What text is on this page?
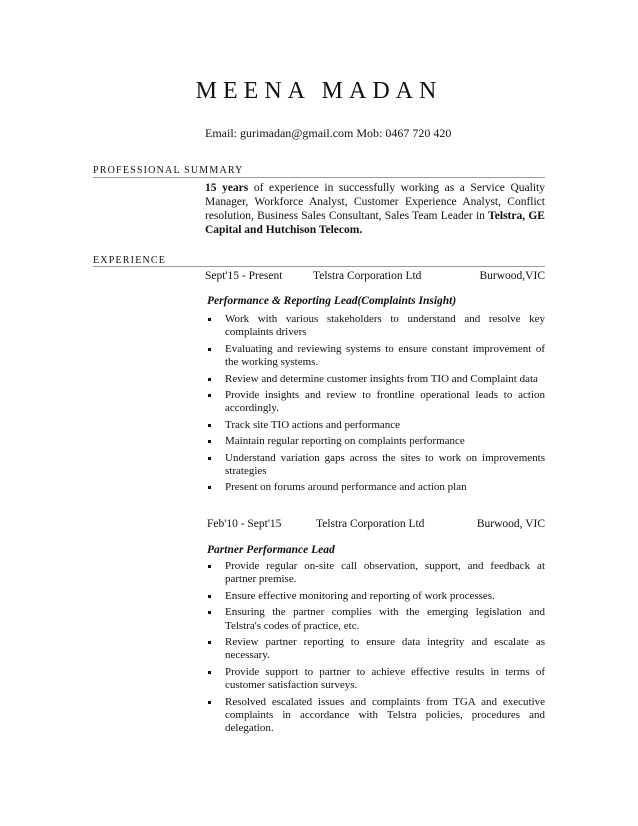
MEENA MADAN
Email: gurimadan@gmail.com Mob: 0467 720 420
PROFESSIONAL SUMMARY
15 years of experience in successfully working as a Service Quality Manager, Workforce Analyst, Customer Experience Analyst, Conflict resolution, Business Sales Consultant, Sales Team Leader in Telstra, GE Capital and Hutchison Telecom.
EXPERIENCE
Sept'15 - Present	Telstra Corporation Ltd	Burwood,VIC
Performance & Reporting Lead(Complaints Insight)
Work with various stakeholders to understand and resolve key complaints drivers
Evaluating and reviewing systems to ensure constant improvement of the working systems.
Review and determine customer insights from TIO and Complaint data
Provide insights and review to frontline operational leads to action accordingly.
Track site TIO actions and performance
Maintain regular reporting on complaints performance
Understand variation gaps across the sites to work on improvements strategies
Present on forums around performance and action plan
Feb'10 - Sept'15	Telstra Corporation Ltd	Burwood, VIC
Partner Performance Lead
Provide regular on-site call observation, support, and feedback at partner premise.
Ensure effective monitoring and reporting of work processes.
Ensuring the partner complies with the emerging legislation and Telstra's codes of practice, etc.
Review partner reporting to ensure data integrity and escalate as necessary.
Provide support to partner to achieve effective results in terms of customer satisfaction surveys.
Resolved escalated issues and complaints from TGA and executive complaints in accordance with Telstra policies, procedures and delegation.
